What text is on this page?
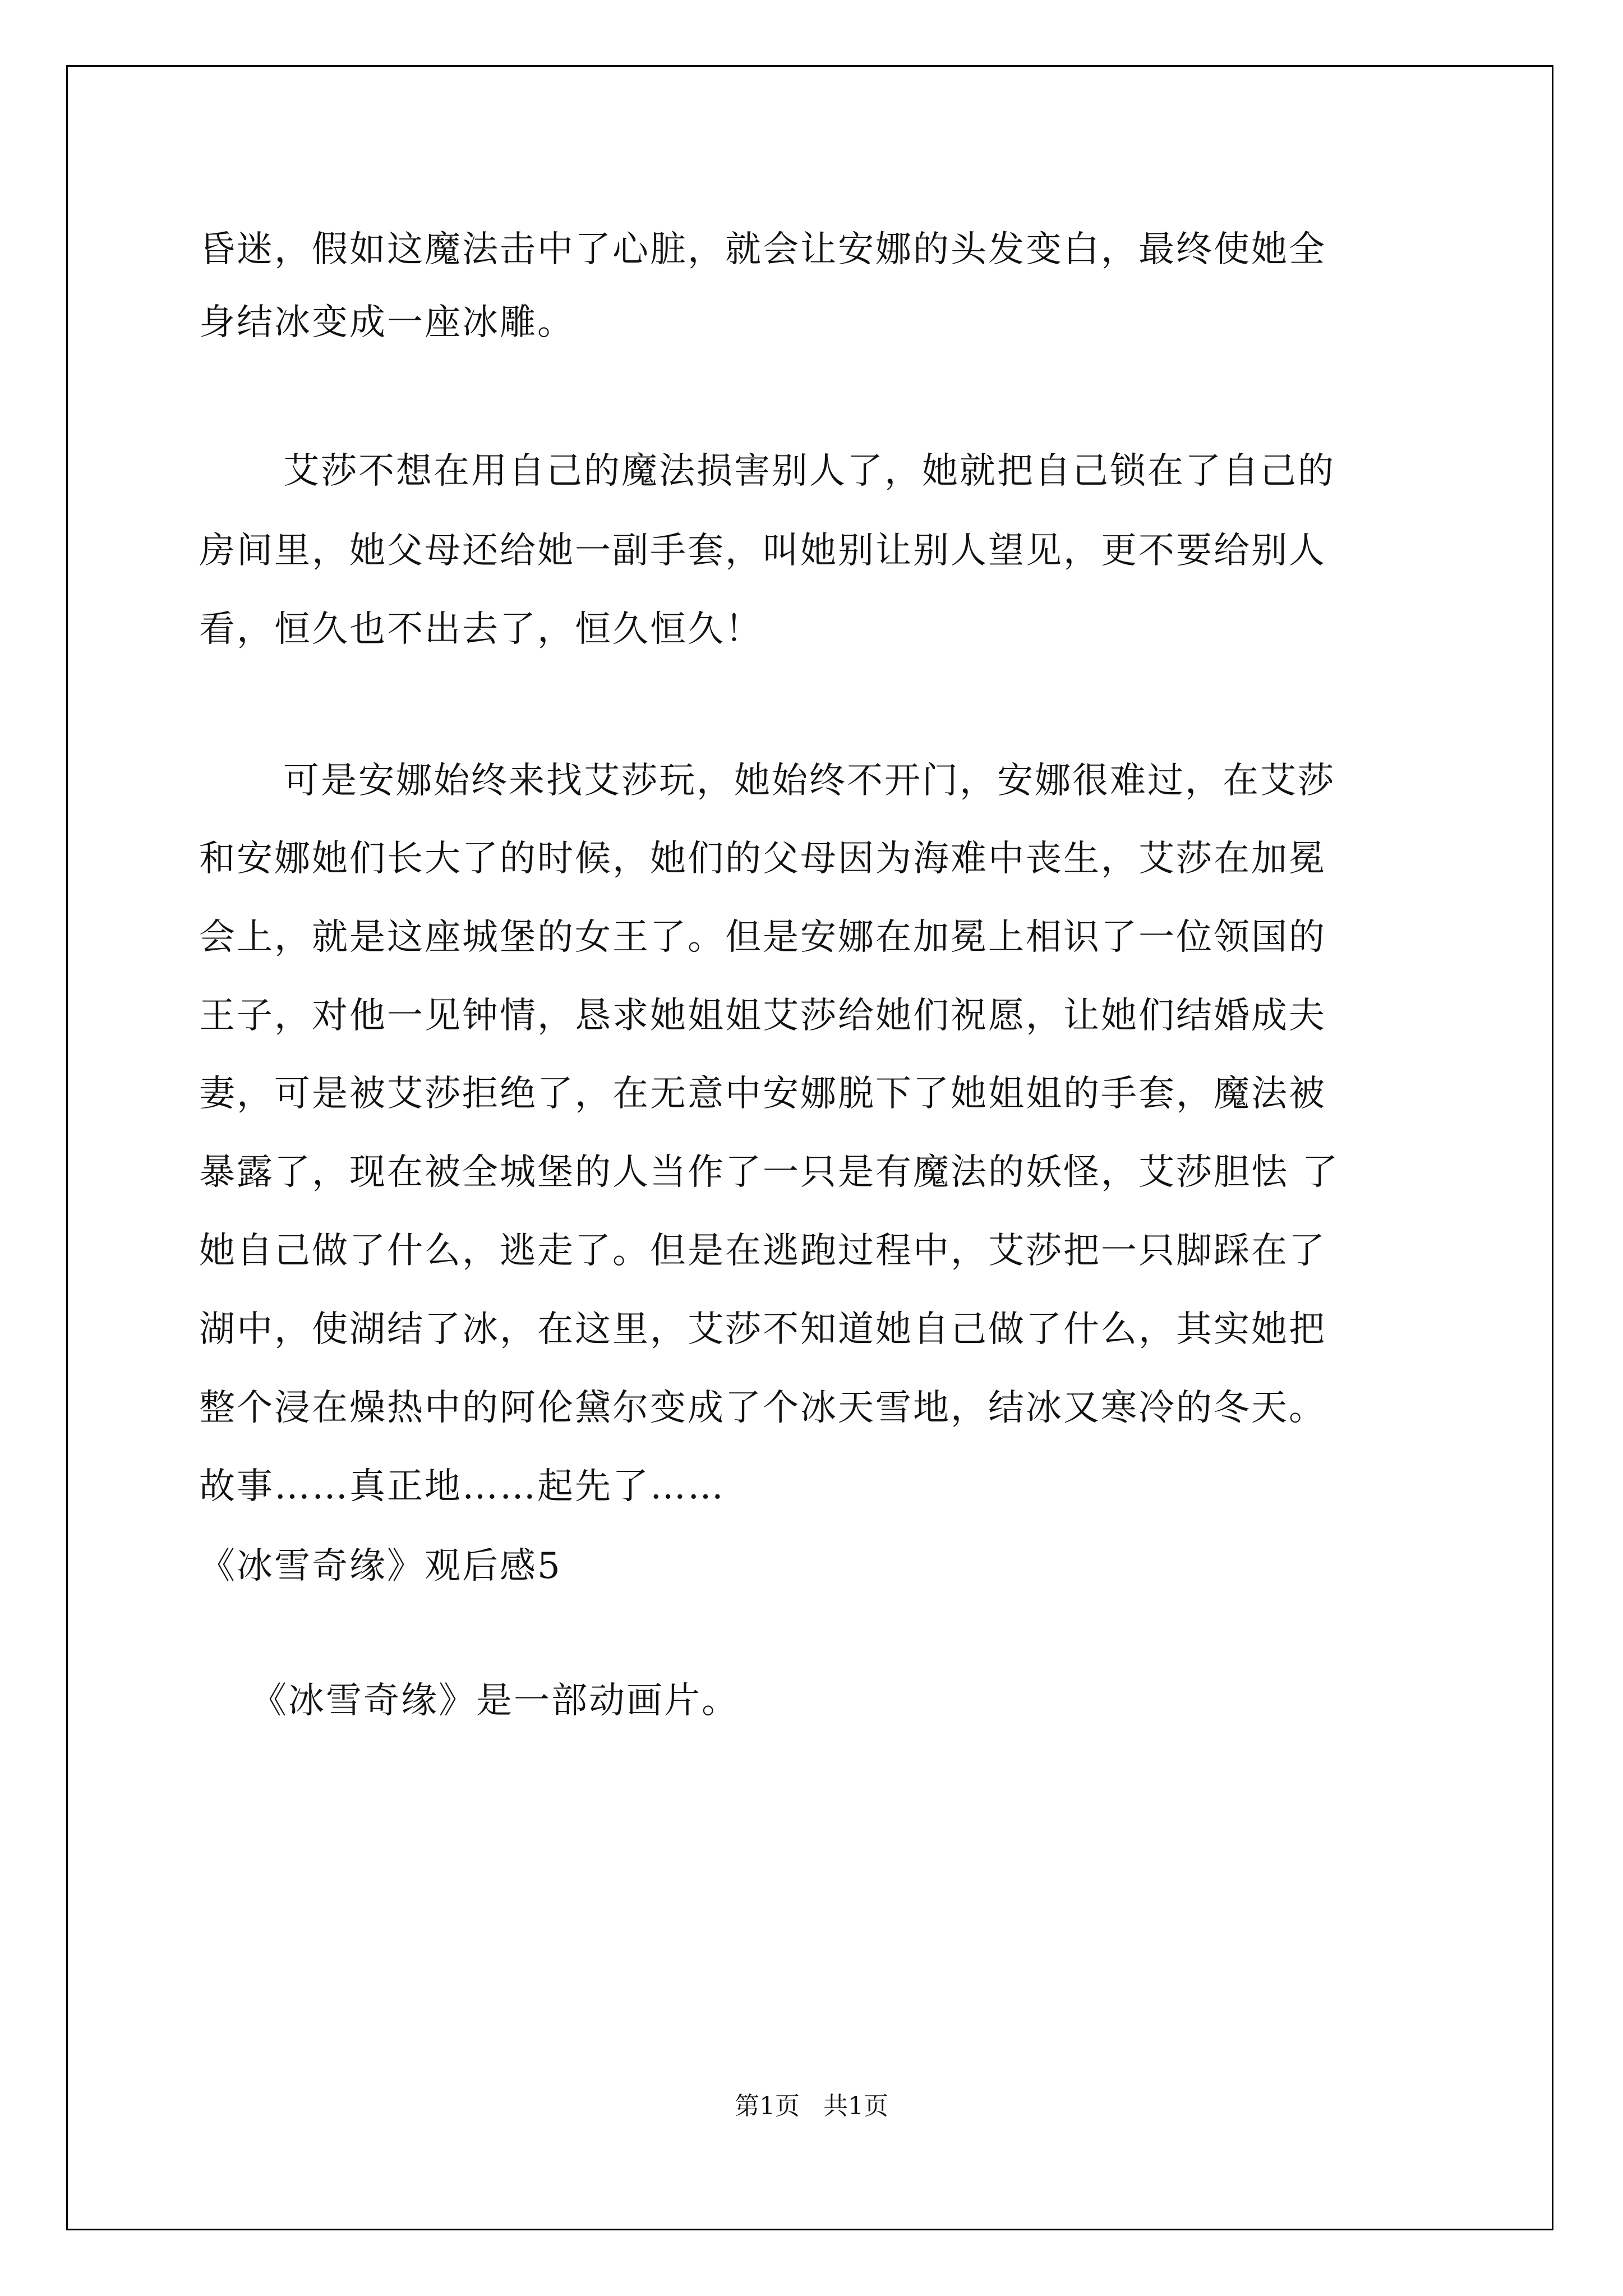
昏迷，假如这魔法击中了心脏，就会让安娜的头发变白，最终使她全
身结冰变成一座冰雕。
艾莎不想在用自己的魔法损害别人了，她就把自己锁在了自己的
房间里，她父母还给她一副手套，叫她别让别人望见，更不要给别人
看，恒久也不出去了，恒久恒久！
可是安娜始终来找艾莎玩，她始终不开门，安娜很难过，在艾莎
和安娜她们长大了的时候，她们的父母因为海难中丧生，艾莎在加冕
会上，就是这座城堡的女王了。但是安娜在加冕上相识了一位领国的
王子，对他一见钟情，恳求她姐姐艾莎给她们祝愿，让她们结婚成夫
妻，可是被艾莎拒绝了，在无意中安娜脱下了她姐姐的手套，魔法被
暴露了，现在被全城堡的人当作了一只是有魔法的妖怪，艾莎胆怯 了
她自己做了什么，逃走了。但是在逃跑过程中，艾莎把一只脚踩在了
湖中，使湖结了冰，在这里，艾莎不知道她自己做了什么，其实她把
整个浸在燥热中的阿伦黛尔变成了个冰天雪地，结冰又寒冷的冬天。
故事……真正地……起先了……
《冰雪奇缘》观后感5
《冰雪奇缘》是一部动画片。
第1页   共1页
